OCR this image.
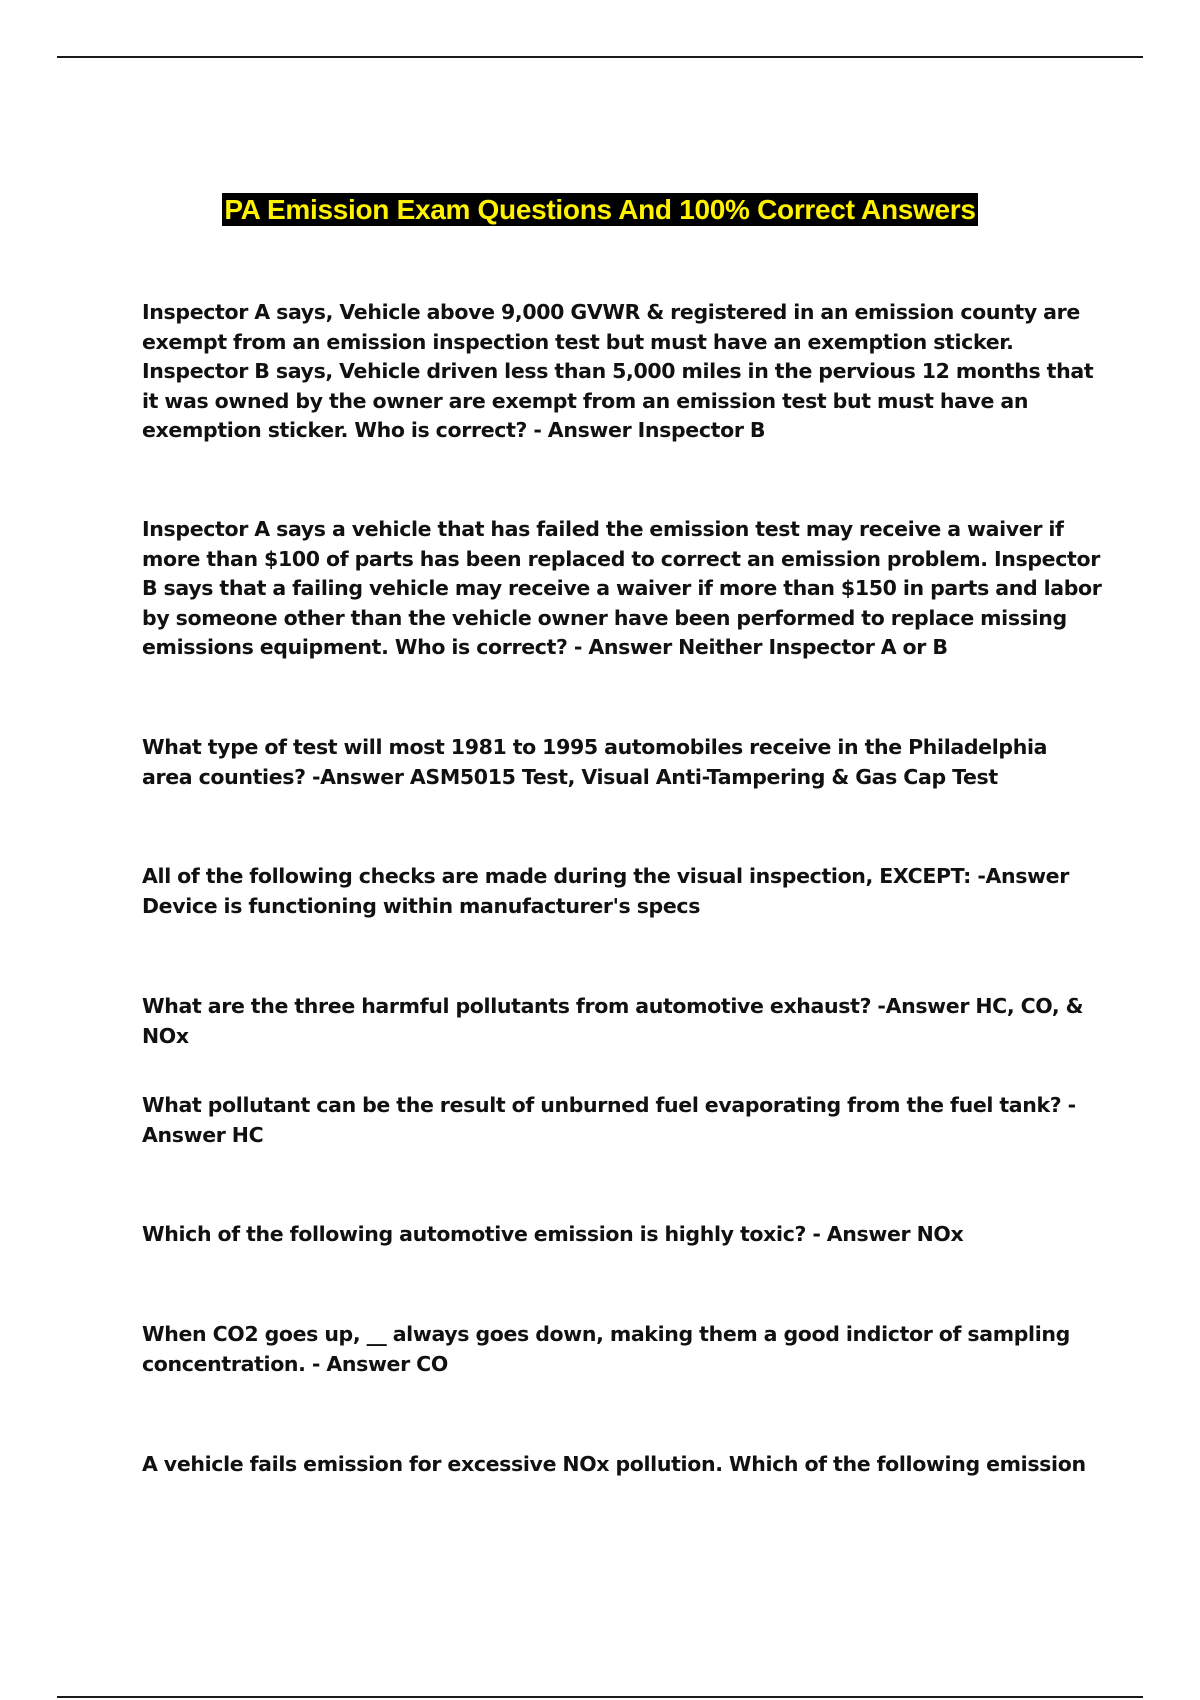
PA Emission Exam Questions And 100% Correct Answers

Inspector A says, Vehicle above 9,000 GVWR & registered in an emission county are exempt from an emission inspection test but must have an exemption sticker. Inspector B says, Vehicle driven less than 5,000 miles in the pervious 12 months that it was owned by the owner are exempt from an emission test but must have an exemption sticker. Who is correct? - Answer Inspector B

Inspector A says a vehicle that has failed the emission test may receive a waiver if more than $100 of parts has been replaced to correct an emission problem. Inspector B says that a failing vehicle may receive a waiver if more than $150 in parts and labor by someone other than the vehicle owner have been performed to replace missing emissions equipment. Who is correct? - Answer Neither Inspector A or B

What type of test will most 1981 to 1995 automobiles receive in the Philadelphia area counties? -Answer ASM5015 Test, Visual Anti-Tampering & Gas Cap Test

All of the following checks are made during the visual inspection, EXCEPT: -Answer Device is functioning within manufacturer's specs

What are the three harmful pollutants from automotive exhaust? -Answer HC, CO, & NOx

What pollutant can be the result of unburned fuel evaporating from the fuel tank? - Answer HC

Which of the following automotive emission is highly toxic? - Answer NOx

When CO2 goes up, __ always goes down, making them a good indictor of sampling concentration. - Answer CO

A vehicle fails emission for excessive NOx pollution. Which of the following emission
